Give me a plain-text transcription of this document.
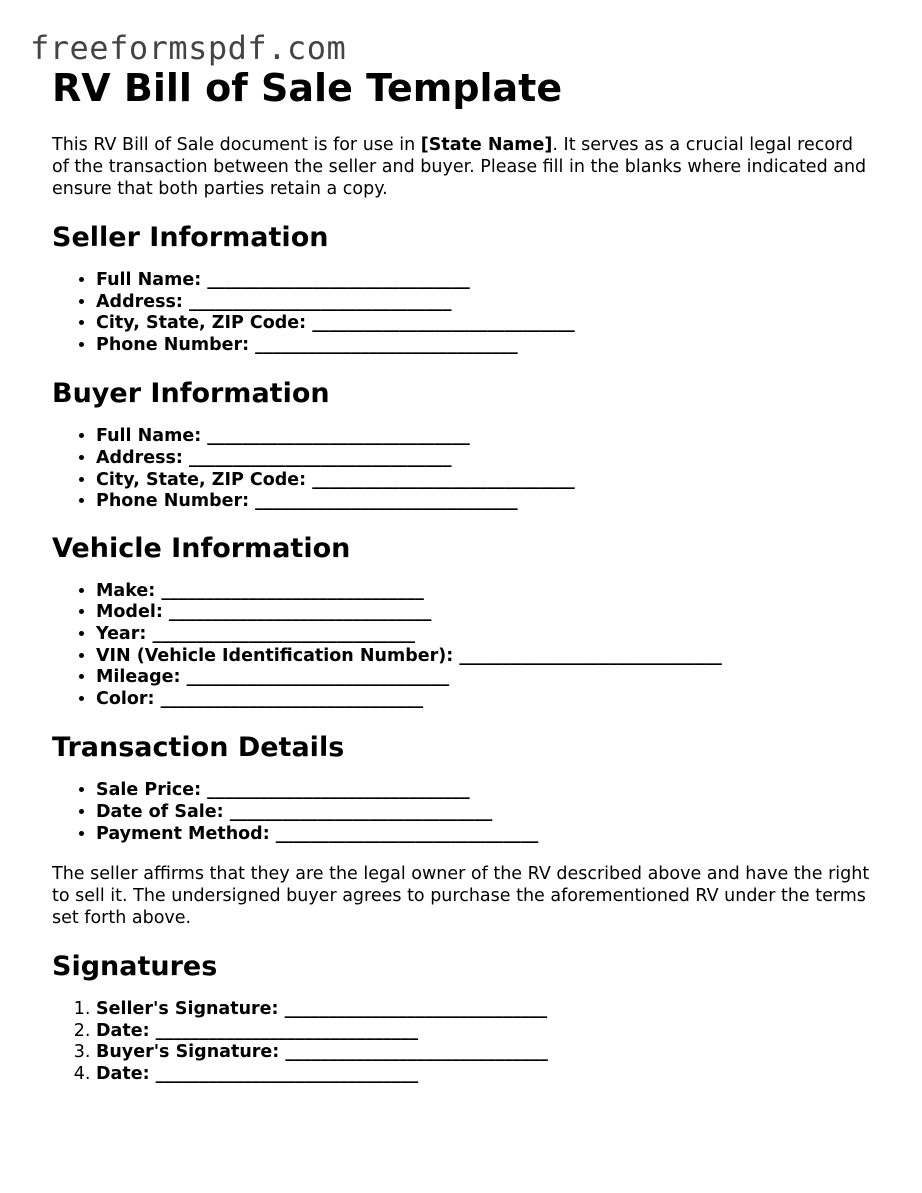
freeformspdf.com
RV Bill of Sale Template

This RV Bill of Sale document is for use in [State Name]. It serves as a crucial legal record of the transaction between the seller and buyer. Please fill in the blanks where indicated and ensure that both parties retain a copy.

Seller Information
• Full Name: ______________________________
• Address: ______________________________
• City, State, ZIP Code: ______________________________
• Phone Number: ______________________________
Buyer Information
• Full Name: ______________________________
• Address: ______________________________
• City, State, ZIP Code: ______________________________
• Phone Number: ______________________________
Vehicle Information
• Make: ______________________________
• Model: ______________________________
• Year: ______________________________
• VIN (Vehicle Identification Number): ______________________________
• Mileage: ______________________________
• Color: ______________________________
Transaction Details
• Sale Price: ______________________________
• Date of Sale: ______________________________
• Payment Method: ______________________________

The seller affirms that they are the legal owner of the RV described above and have the right to sell it. The undersigned buyer agrees to purchase the aforementioned RV under the terms set forth above.

Signatures
1. Seller's Signature: ______________________________
2. Date: ______________________________
3. Buyer's Signature: ______________________________
4. Date: ______________________________
